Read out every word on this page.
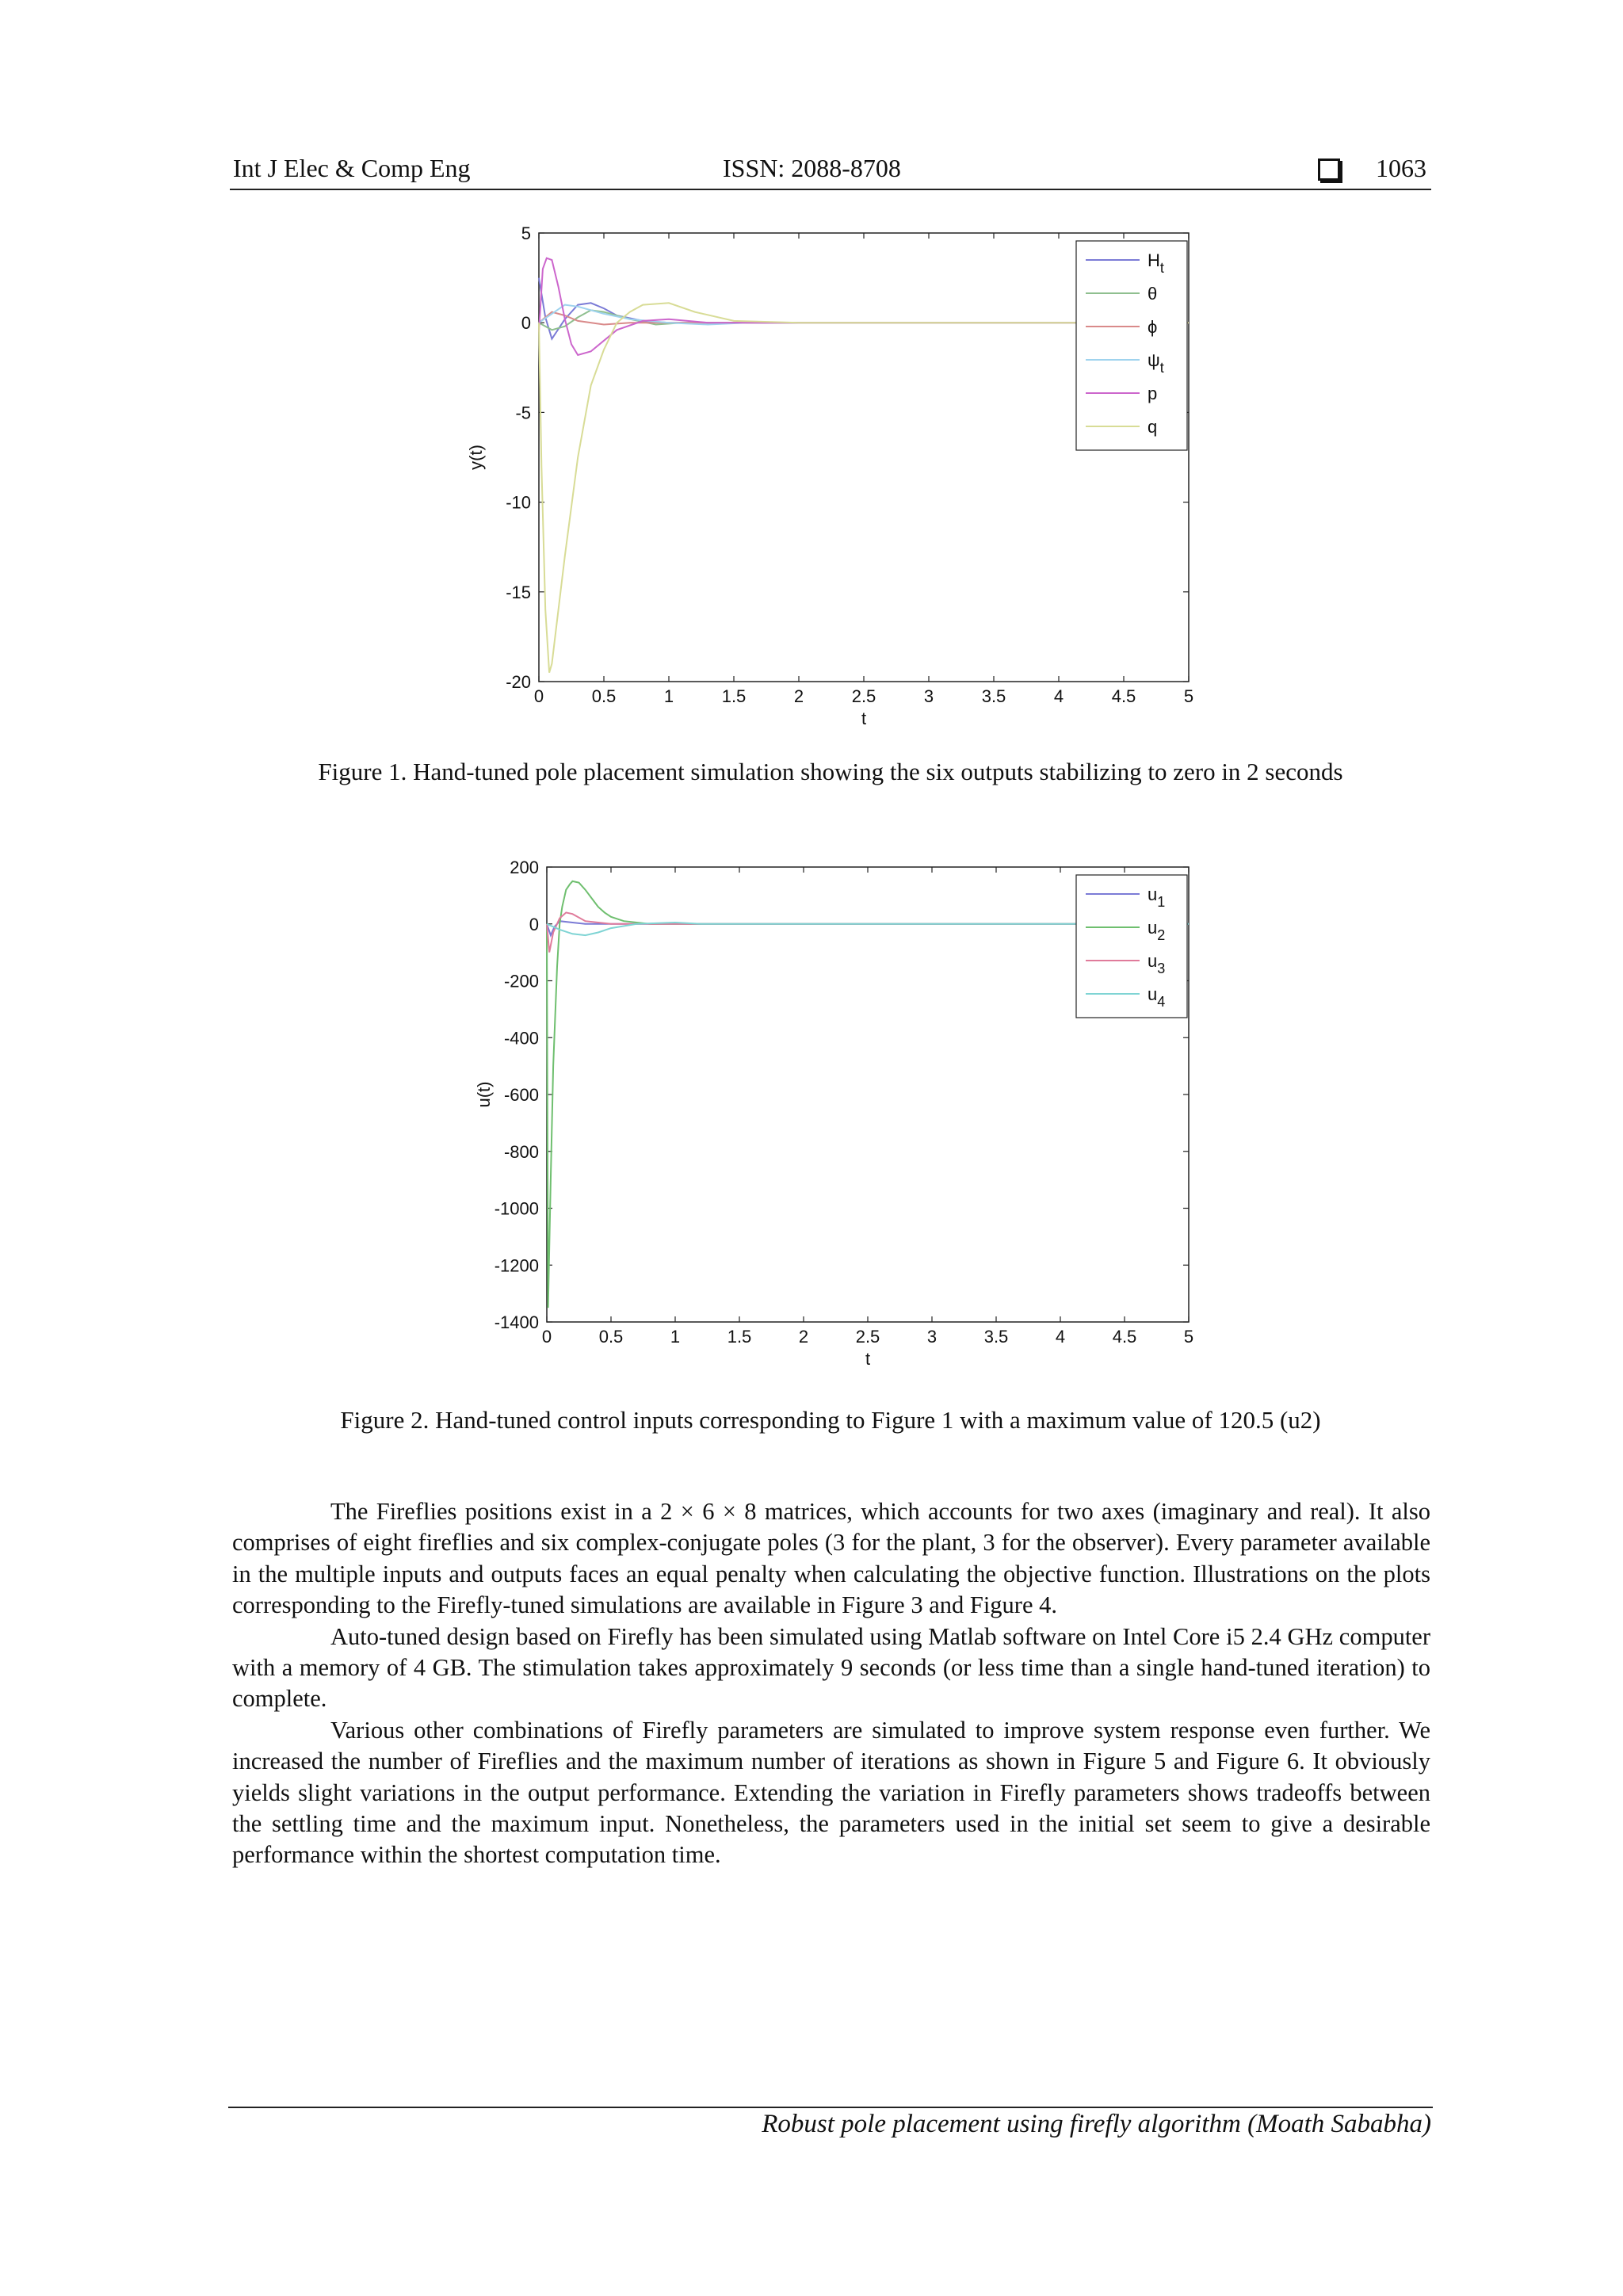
Int J Elec & Comp Eng	ISSN: 2088-8708	1063
0	0.5	1	1.5	2	2.5	3	3.5	4	4.5	5
5
0
-5
-10
-15
-20
t
y(t)
$H_t$
θ
ϕ
$\psi_t$
p
q
Figure 1. Hand-tuned pole placement simulation showing the six outputs stabilizing to zero in 2 seconds
0	0.5	1	1.5	2	2.5	3	3.5	4	4.5	5
200
0
-200
-400
-600
-800
-1000
-1200
-1400
t
u(t)
$u_1$
$u_2$
$u_3$
$u_4$
Figure 2. Hand-tuned control inputs corresponding to Figure 1 with a maximum value of 120.5 (u2)

The Fireflies positions exist in a 2 × 6 × 8 matrices, which accounts for two axes (imaginary and real). It also comprises of eight fireflies and six complex-conjugate poles (3 for the plant, 3 for the observer). Every parameter available in the multiple inputs and outputs faces an equal penalty when calculating the objective function. Illustrations on the plots corresponding to the Firefly-tuned simulations are available in Figure 3 and Figure 4.

Auto-tuned design based on Firefly has been simulated using Matlab software on Intel Core i5 2.4 GHz computer with a memory of 4 GB. The stimulation takes approximately 9 seconds (or less time than a single hand-tuned iteration) to complete.

Various other combinations of Firefly parameters are simulated to improve system response even further. We increased the number of Fireflies and the maximum number of iterations as shown in Figure 5 and Figure 6. It obviously yields slight variations in the output performance. Extending the variation in Firefly parameters shows tradeoffs between the settling time and the maximum input. Nonetheless, the parameters used in the initial set seem to give a desirable performance within the shortest computation time.

Robust pole placement using firefly algorithm (Moath Sababha)
